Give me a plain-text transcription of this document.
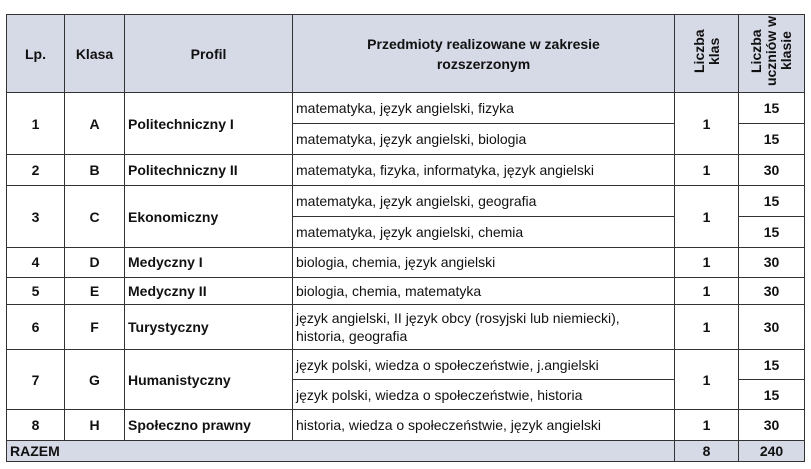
Lp.	Klasa	Profil	Przedmioty realizowane w zakresie rozszerzonym	Liczba klas	Liczba uczniów w klasie
1	A	Politechniczny I	matematyka, język angielski, fizyka	1	15
			matematyka, język angielski, biologia		15
2	B	Politechniczny II	matematyka, fizyka, informatyka, język angielski	1	30
3	C	Ekonomiczny	matematyka, język angielski, geografia	1	15
			matematyka, język angielski, chemia		15
4	D	Medyczny I	biologia, chemia, język angielski	1	30
5	E	Medyczny II	biologia, chemia, matematyka	1	30
6	F	Turystyczny	język angielski, II język obcy (rosyjski lub niemiecki), historia, geografia	1	30
7	G	Humanistyczny	język polski, wiedza o społeczeństwie, j.angielski	1	15
			język polski, wiedza o społeczeństwie, historia		15
8	H	Społeczno prawny	historia, wiedza o społeczeństwie, język angielski	1	30
RAZEM				8	240
